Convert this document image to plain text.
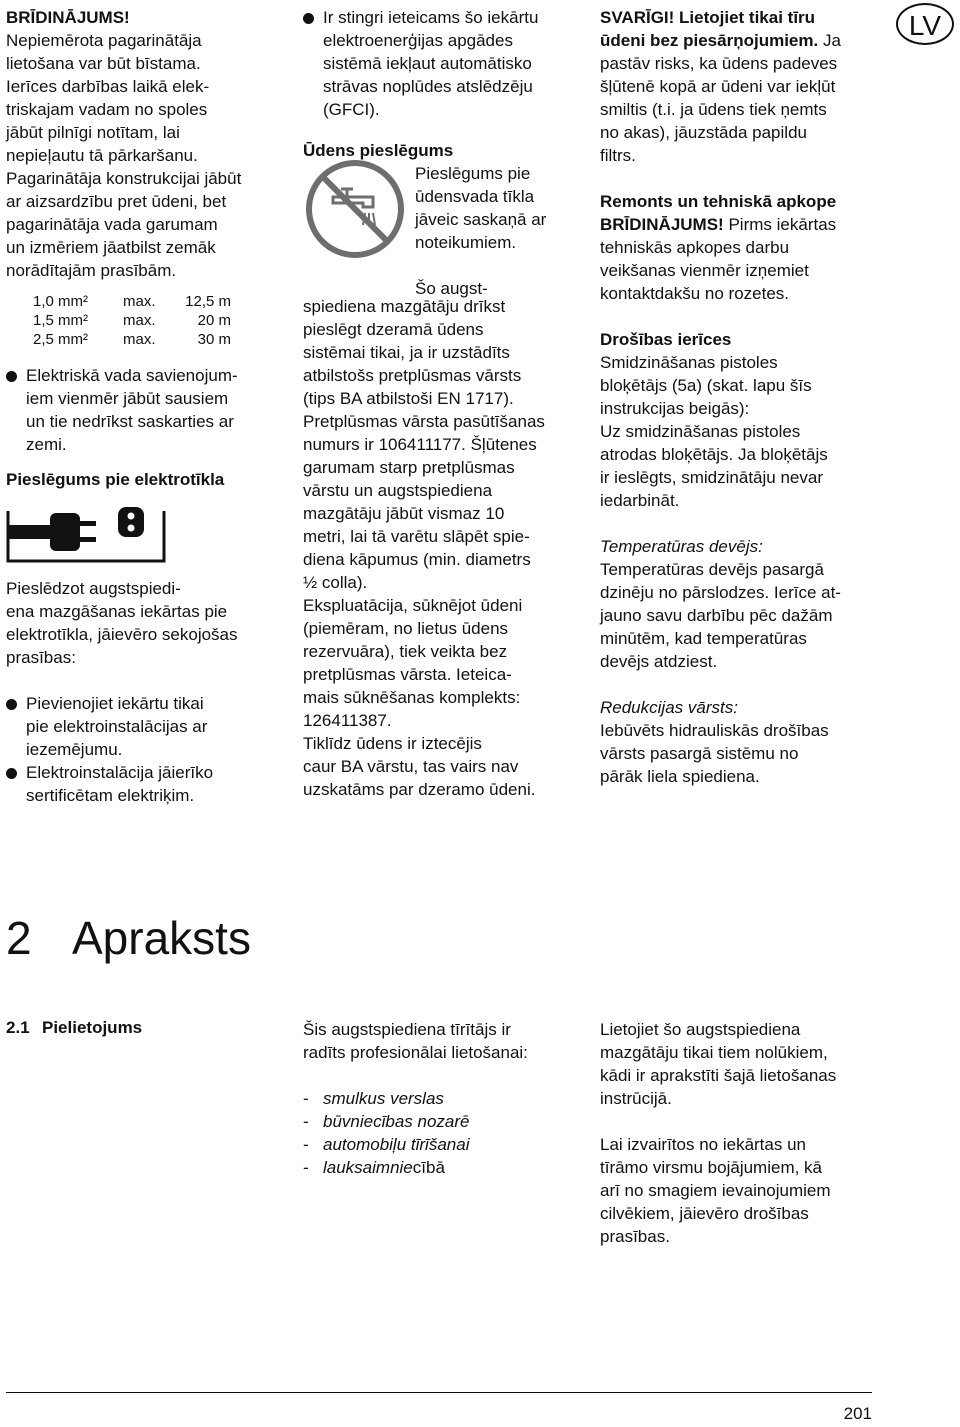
LV
BRĪDINĀJUMS!
Nepiemērota pagarinātāja
lietošana var būt bīstama.
Ierīces darbības laikā elek-
triskajam vadam no spoles
jābūt pilnīgi notītam, lai
nepieļautu tā pārkaršanu.
Pagarinātāja konstrukcijai jābūt
ar aizsardzību pret ūdeni, bet
pagarinātāja vada garumam
un izmēriem jāatbilst zemāk
norādītajām prasībām.
1,0 mm²	max.	12,5 m
1,5 mm²	max.	20 m
2,5 mm²	max.	30 m
Elektriskā vada savienojum-
iem vienmēr jābūt sausiem
un tie nedrīkst saskarties ar
zemi.
Pieslēgums pie elektrotīkla
Pieslēdzot augstspiedi-
ena mazgāšanas iekārtas pie
elektrotīkla, jāievēro sekojošas
prasības:
Pievienojiet iekārtu tikai
pie elektroinstalācijas ar
iezemējumu.
Elektroinstalācija jāierīko
sertificētam elektriķim.
Ir stingri ieteicams šo iekārtu
elektroenerģijas apgādes
sistēmā iekļaut automātisko
strāvas noplūdes atslēdzēju
(GFCI).
Ūdens pieslēgums
Pieslēgums pie
ūdensvada tīkla
jāveic saskaņā ar
noteikumiem.
Šo augst-
spiediena mazgātāju drīkst
pieslēgt dzeramā ūdens
sistēmai tikai, ja ir uzstādīts
atbilstošs pretplūsmas vārsts
(tips BA atbilstoši EN 1717).
Pretplūsmas vārsta pasūtīšanas
numurs ir 106411177. Šļūtenes
garumam starp pretplūsmas
vārstu un augstspiediena
mazgātāju jābūt vismaz 10
metri, lai tā varētu slāpēt spie-
diena kāpumus (min. diametrs
½ colla).
Ekspluatācija, sūknējot ūdeni
(piemēram, no lietus ūdens
rezervuāra), tiek veikta bez
pretplūsmas vārsta. Ieteica-
mais sūknēšanas komplekts:
126411387.
Tiklīdz ūdens ir iztecējis
caur BA vārstu, tas vairs nav
uzskatāms par dzeramo ūdeni.
SVARĪGI! Lietojiet tikai tīru
ūdeni bez piesārņojumiem. Ja
pastāv risks, ka ūdens padeves
šļūtenē kopā ar ūdeni var iekļūt
smiltis (t.i. ja ūdens tiek ņemts
no akas), jāuzstāda papildu
filtrs.
Remonts un tehniskā apkope
BRĪDINĀJUMS! Pirms iekārtas
tehniskās apkopes darbu
veikšanas vienmēr izņemiet
kontaktdakšu no rozetes.
Drošības ierīces
Smidzināšanas pistoles
bloķētājs (5a) (skat. lapu šīs
instrukcijas beigās):
Uz smidzināšanas pistoles
atrodas bloķētājs. Ja bloķētājs
ir ieslēgts, smidzinātāju nevar
iedarbināt.
Temperatūras devējs:
Temperatūras devējs pasargā
dzinēju no pārslodzes. Ierīce at-
jauno savu darbību pēc dažām
minūtēm, kad temperatūras
devējs atdziest.
Redukcijas vārsts:
Iebūvēts hidrauliskās drošības
vārsts pasargā sistēmu no
pārāk liela spiediena.
2 Apraksts
2.1 Pielietojums	Šis augstspiediena tīrītājs ir
radīts profesionālai lietošanai:
- smulkus verslas
- būvniecības nozarē
- automobiļu tīrīšanai
- lauksaimniecībā
Lietojiet šo augstspiediena
mazgātāju tikai tiem nolūkiem,
kādi ir aprakstīti šajā lietošanas
instrūcijā.
Lai izvairītos no iekārtas un
tīrāmo virsmu bojājumiem, kā
arī no smagiem ievainojumiem
cilvēkiem, jāievēro drošības
prasības.
201
